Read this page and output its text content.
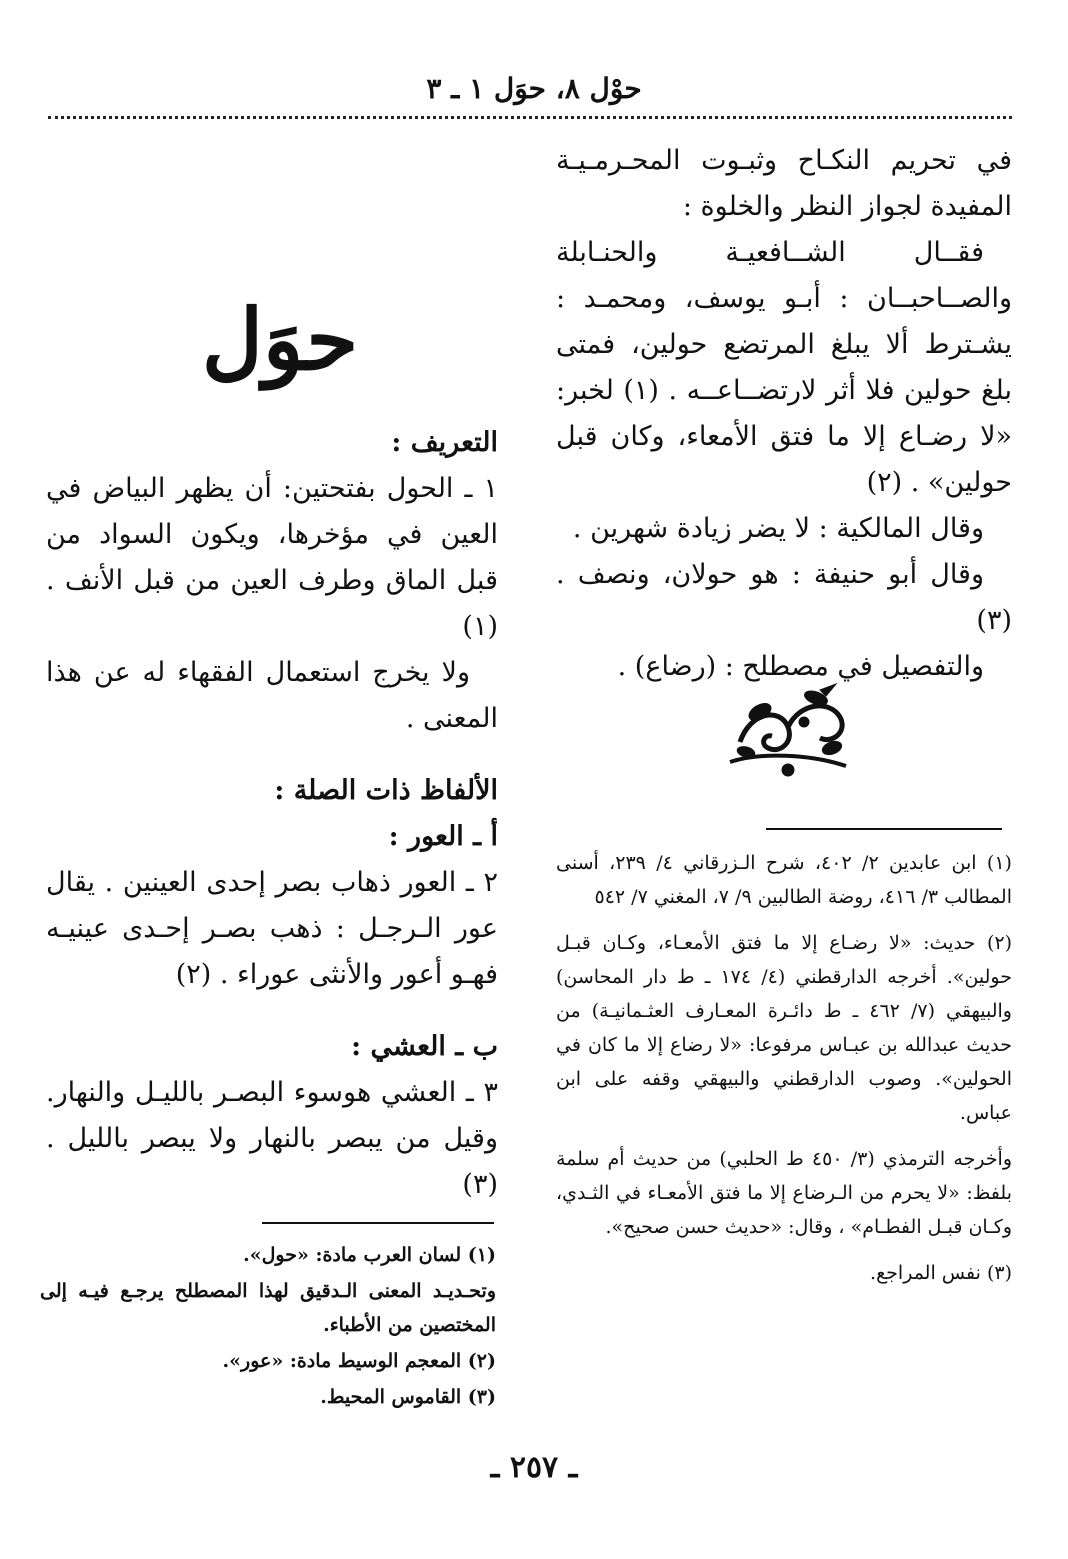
حوْل ٨، حوَل ١ ـ ٣

في تحريم النكـاح وثبـوت المحـرمـيـة المفيدة لجواز النظر والخلوة :

فقــال الشــافعيـة والحنـابلة والصــاحبــان : أبـو يوسف، ومحمـد : يشـترط ألا يبلغ المرتضع حولين، فمتى بلغ حولين فلا أثر لارتضــاعــه . (١) لخبر: «لا رضـاع إلا ما فتق الأمعاء، وكان قبل حولين» . (٢)

وقال المالكية : لا يضر زيادة شهرين .

وقال أبو حنيفة : هو حولان، ونصف . (٣)

والتفصيل في مصطلح : (رضاع) .

(١) ابن عابدين ٢/ ٤٠٢، شرح الـزرقاني ٤/ ٢٣٩، أسنى المطالب ٣/ ٤١٦، روضة الطالبين ٩/ ٧، المغني ٧/ ٥٤٢

(٢) حديث: «لا رضـاع إلا ما فتق الأمعـاء، وكـان قبـل حولين». أخرجه الدارقطني (٤/ ١٧٤ ـ ط دار المحاسن) والبيهقي (٧/ ٤٦٢ ـ ط دائـرة المعـارف العثـمانيـة) من حديث عبدالله بن عبـاس مرفوعا: «لا رضاع إلا ما كان في الحولين». وصوب الدارقطني والبيهقي وقفه على ابن عباس.

وأخرجه الترمذي (٣/ ٤٥٠ ط الحلبي) من حديث أم سلمة بلفظ: «لا يحرم من الـرضاع إلا ما فتق الأمعـاء في الثـدي، وكـان قبـل الفطـام» ، وقال: «حديث حسن صحيح».

(٣) نفس المراجع.

حوَل

التعريف :

١ ـ الحول بفتحتين: أن يظهر البياض في العين في مؤخرها، ويكون السواد من قبل الماق وطرف العين من قبل الأنف . (١)

ولا يخرج استعمال الفقهاء له عن هذا المعنى .

الألفاظ ذات الصلة :

أ ـ العور :

٢ ـ العور ذهاب بصر إحدى العينين . يقال عور الـرجـل : ذهب بصـر إحـدى عينيـه فهـو أعور والأنثى عوراء . (٢)

ب ـ العشي :

٣ ـ العشي هوسوء البصـر بالليـل والنهار. وقيل من يبصر بالنهار ولا يبصر بالليل . (٣)

(١) لسان العرب مادة: «حول».

وتحـديـد المعنى الـدقيق لهذا المصطلح يرجـع فيـه إلى المختصين من الأطباء.

(٢) المعجم الوسيط مادة: «عور».

(٣) القاموس المحيط.

ـ ٢٥٧ ـ
